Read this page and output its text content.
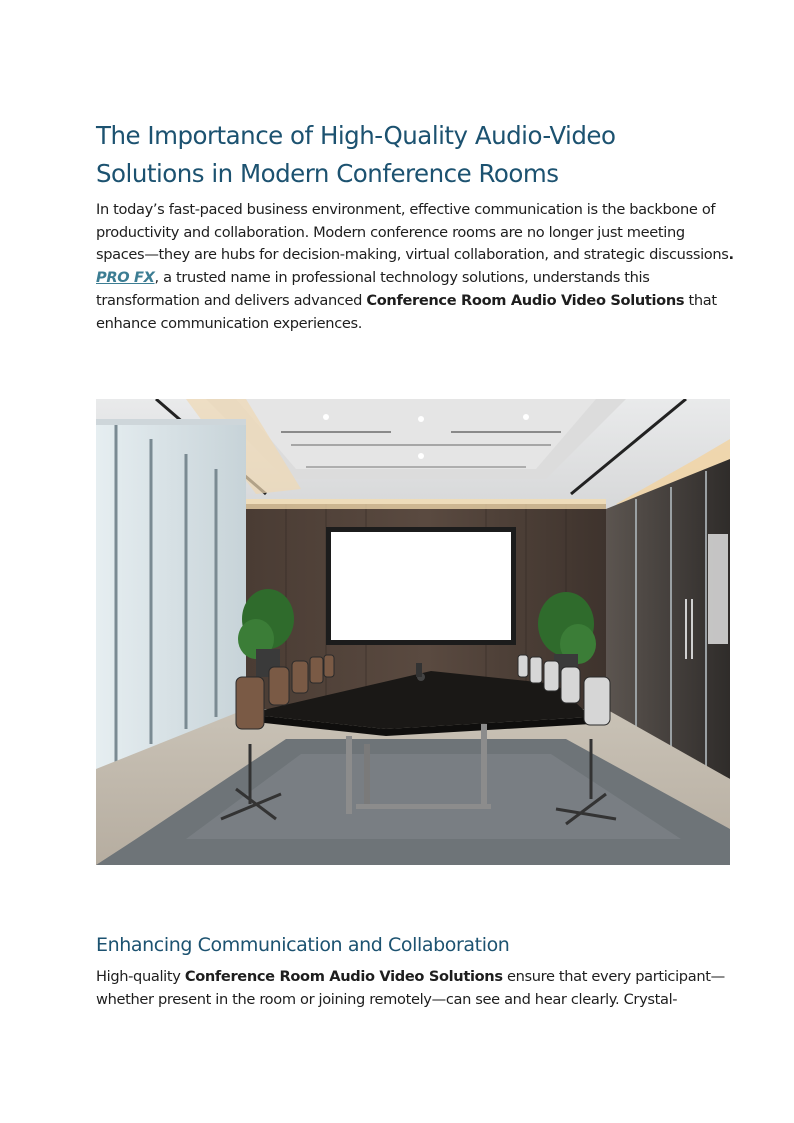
The Importance of High-Quality Audio-Video Solutions in Modern Conference Rooms

In today’s fast-paced business environment, effective communication is the backbone of productivity and collaboration. Modern conference rooms are no longer just meeting spaces—they are hubs for decision-making, virtual collaboration, and strategic discussions. PRO FX, a trusted name in professional technology solutions, understands this transformation and delivers advanced Conference Room Audio Video Solutions that enhance communication experiences.

Enhancing Communication and Collaboration

High-quality Conference Room Audio Video Solutions ensure that every participant—whether present in the room or joining remotely—can see and hear clearly. Crystal-
